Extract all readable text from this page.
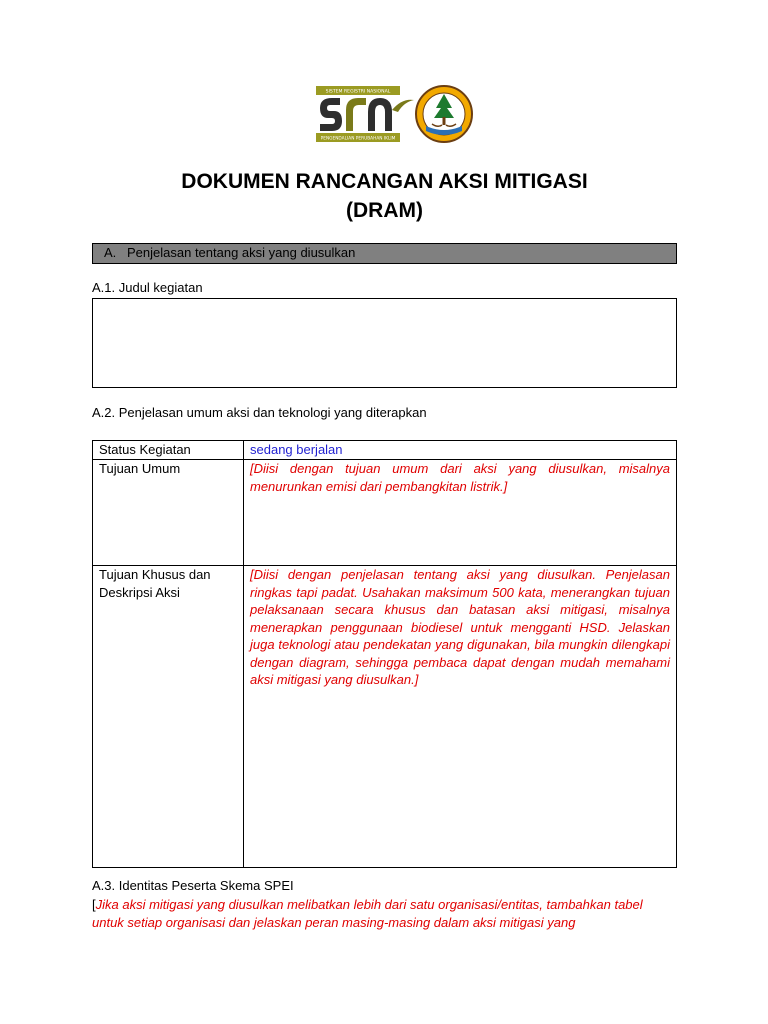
SISTEM REGISTRI NASIONAL
PENGENDALIAN PERUBAHAN IKLIM
DOKUMEN RANCANGAN AKSI MITIGASI
(DRAM)
A. Penjelasan tentang aksi yang diusulkan
A.1. Judul kegiatan
A.2. Penjelasan umum aksi dan teknologi yang diterapkan
Status Kegiatan	sedang berjalan
Tujuan Umum	[Diisi dengan tujuan umum dari aksi yang diusulkan, misalnya menurunkan emisi dari pembangkitan listrik.]
Tujuan Khusus dan Deskripsi Aksi	[Diisi dengan penjelasan tentang aksi yang diusulkan. Penjelasan ringkas tapi padat. Usahakan maksimum 500 kata, menerangkan tujuan pelaksanaan secara khusus dan batasan aksi mitigasi, misalnya menerapkan penggunaan biodiesel untuk mengganti HSD. Jelaskan juga teknologi atau pendekatan yang digunakan, bila mungkin dilengkapi dengan diagram, sehingga pembaca dapat dengan mudah memahami aksi mitigasi yang diusulkan.]
A.3. Identitas Peserta Skema SPEI
[Jika aksi mitigasi yang diusulkan melibatkan lebih dari satu organisasi/entitas, tambahkan tabel untuk setiap organisasi dan jelaskan peran masing-masing dalam aksi mitigasi yang
